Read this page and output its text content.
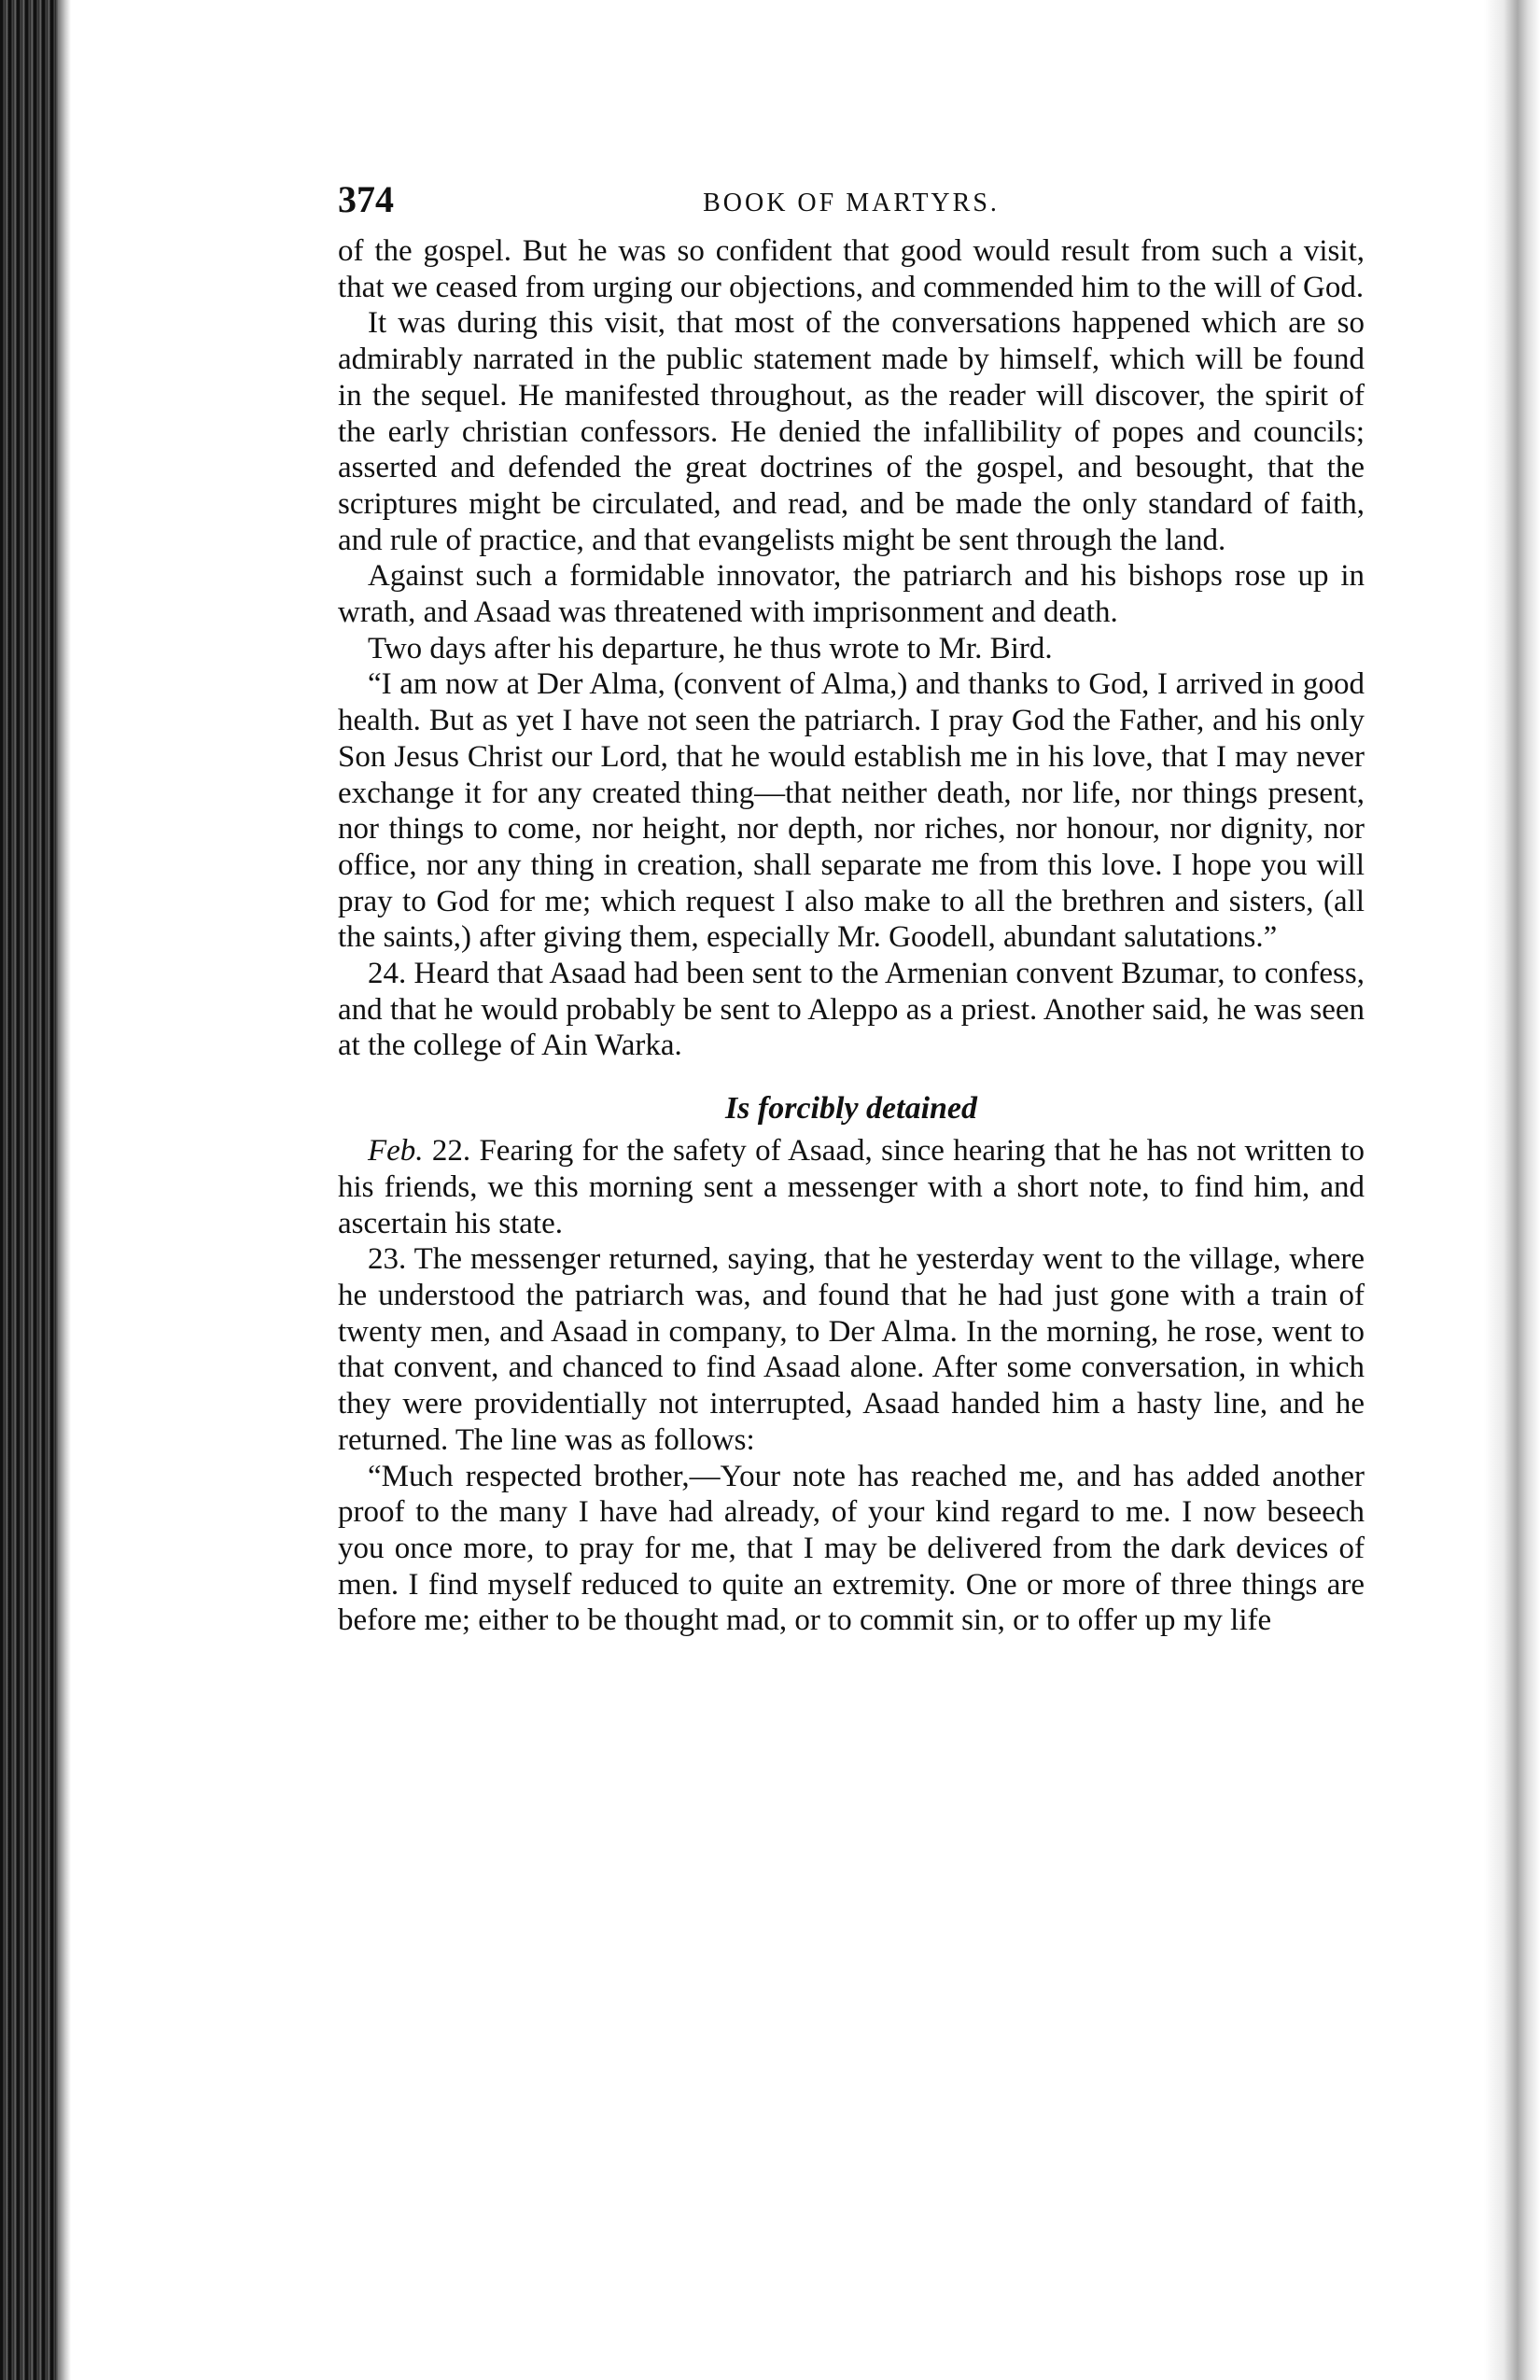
374	BOOK OF MARTYRS.

of the gospel. But he was so confident that good would result from such a visit, that we ceased from urging our objections, and commended him to the will of God.

It was during this visit, that most of the conversations happened which are so admirably narrated in the public statement made by himself, which will be found in the sequel. He manifested throughout, as the reader will discover, the spirit of the early christian confessors. He denied the infallibility of popes and councils; asserted and defended the great doctrines of the gospel, and besought, that the scriptures might be circulated, and read, and be made the only standard of faith, and rule of practice, and that evangelists might be sent through the land.

Against such a formidable innovator, the patriarch and his bishops rose up in wrath, and Asaad was threatened with imprisonment and death.

Two days after his departure, he thus wrote to Mr. Bird.

“I am now at Der Alma, (convent of Alma,) and thanks to God, I arrived in good health. But as yet I have not seen the patriarch. I pray God the Father, and his only Son Jesus Christ our Lord, that he would establish me in his love, that I may never exchange it for any created thing—that neither death, nor life, nor things present, nor things to come, nor height, nor depth, nor riches, nor honour, nor dignity, nor office, nor any thing in creation, shall separate me from this love. I hope you will pray to God for me; which request I also make to all the brethren and sisters, (all the saints,) after giving them, especially Mr. Goodell, abundant salutations.”

24. Heard that Asaad had been sent to the Armenian convent Bzumar, to confess, and that he would probably be sent to Aleppo as a priest. Another said, he was seen at the college of Ain Warka.

Is forcibly detained

Feb. 22. Fearing for the safety of Asaad, since hearing that he has not written to his friends, we this morning sent a messenger with a short note, to find him, and ascertain his state.

23. The messenger returned, saying, that he yesterday went to the village, where he understood the patriarch was, and found that he had just gone with a train of twenty men, and Asaad in company, to Der Alma. In the morning, he rose, went to that convent, and chanced to find Asaad alone. After some conversation, in which they were providentially not interrupted, Asaad handed him a hasty line, and he returned. The line was as follows:

“Much respected brother,—Your note has reached me, and has added another proof to the many I have had already, of your kind regard to me. I now beseech you once more, to pray for me, that I may be delivered from the dark devices of men. I find myself reduced to quite an extremity. One or more of three things are before me; either to be thought mad, or to commit sin, or to offer up my life
